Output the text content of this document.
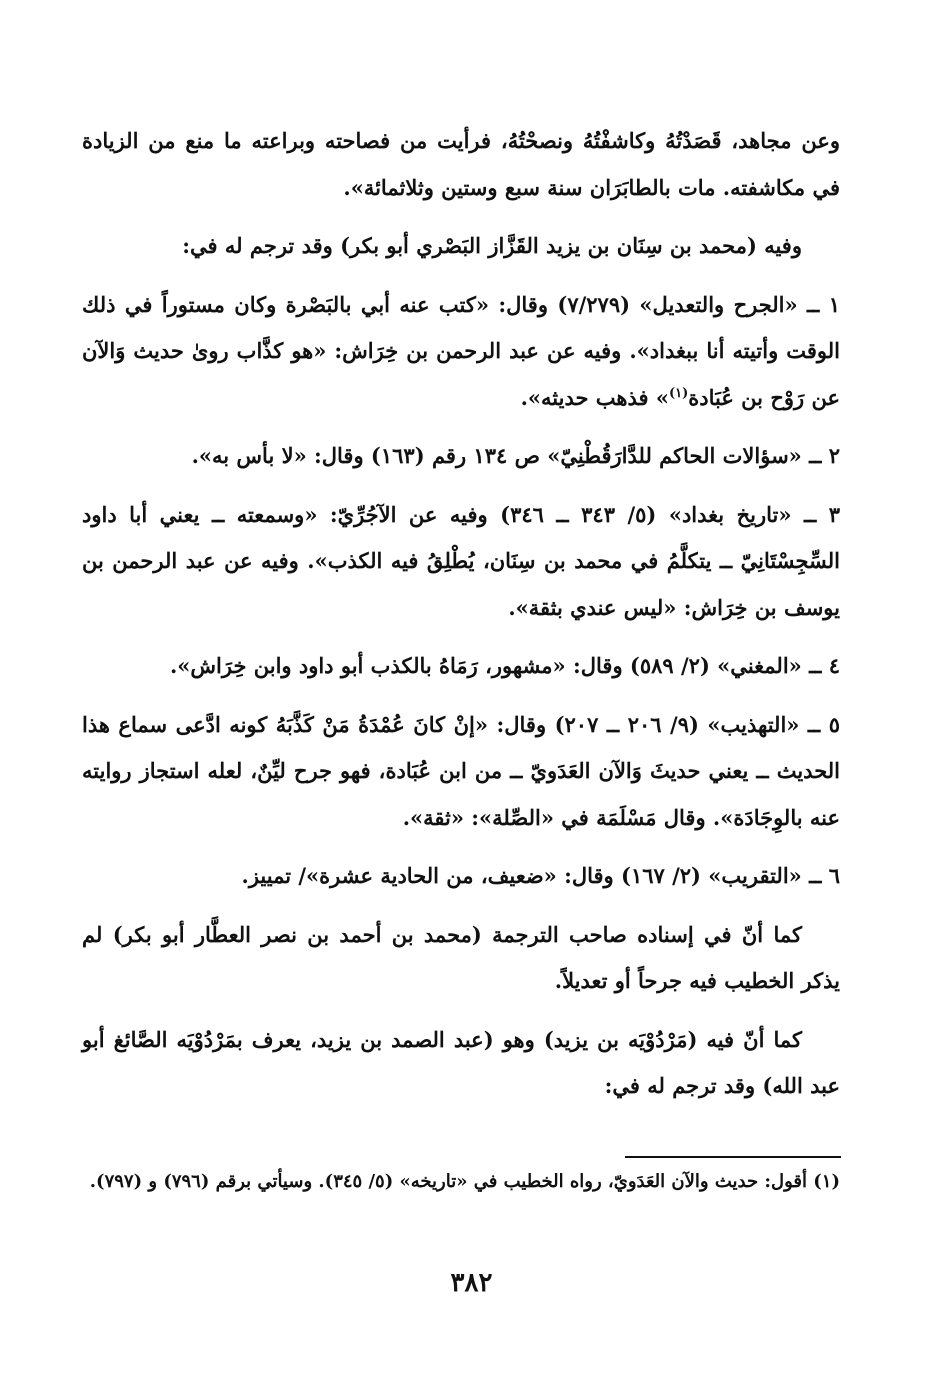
وعن مجاهد، قَصَدْتُهُ وكاشفْتُهُ ونصحْتُهُ، فرأيت من فصاحته وبراعته ما منع من الزيادة في مكاشفته. مات بالطابَرَان سنة سبع وستين وثلاثمائة».

وفيه (محمد بن سِنَان بن يزيد القَزَّاز البَصْري أبو بكر) وقد ترجم له في:

١ ــ «الجرح والتعديل» (٧/٢٧٩) وقال: «كتب عنه أبي بالبَصْرة وكان مستوراً في ذلك الوقت وأتيته أنا ببغداد». وفيه عن عبد الرحمن بن خِرَاش: «هو كذَّاب روىٰ حديث وَالآن عن رَوْح بن عُبَادة$^{(١)}$» فذهب حديثه».

٢ ــ «سؤالات الحاكم للدَّارَقُطْنِيّ» ص ١٣٤ رقم (١٦٣) وقال: «لا بأس به».

٣ ــ «تاريخ بغداد» (٥/ ٣٤٣ ــ ٣٤٦) وفيه عن الآجُرِّيّ: «وسمعته ــ يعني أبا داود السِّجِسْتَانِيّ ــ يتكلَّمُ في محمد بن سِنَان، يُطْلِقُ فيه الكذب». وفيه عن عبد الرحمن بن يوسف بن خِرَاش: «ليس عندي بثقة».

٤ ــ «المغني» (٢/ ٥٨٩) وقال: «مشهور، رَمَاهُ بالكذب أبو داود وابن خِرَاش».

٥ ــ «التهذيب» (٩/ ٢٠٦ ــ ٢٠٧) وقال: «إنْ كانَ عُمْدَةُ مَنْ كَذَّبَهُ كونه ادَّعى سماع هذا الحديث ــ يعني حديثَ وَالآن العَدَويّ ــ من ابن عُبَادة، فهو جرح ليِّنٌ، لعله استجاز روايته عنه بالوِجَادَة». وقال مَسْلَمَة في «الصِّلة»: «ثقة».

٦ ــ «التقريب» (٢/ ١٦٧) وقال: «ضعيف، من الحادية عشرة»/ تمييز.

كما أنّ في إسناده صاحب الترجمة (محمد بن أحمد بن نصر العطَّار أبو بكر) لم يذكر الخطيب فيه جرحاً أو تعديلاً.

كما أنّ فيه (مَرْدُوْيَه بن يزيد) وهو (عبد الصمد بن يزيد، يعرف بمَرْدُوْيَه الصَّائغ أبو عبد الله) وقد ترجم له في:

(١) أقول: حديث والآن العَدَويّ، رواه الخطيب في «تاريخه» (٥/ ٣٤٥). وسيأتي برقم (٧٩٦) و (٧٩٧).

٣٨٢
